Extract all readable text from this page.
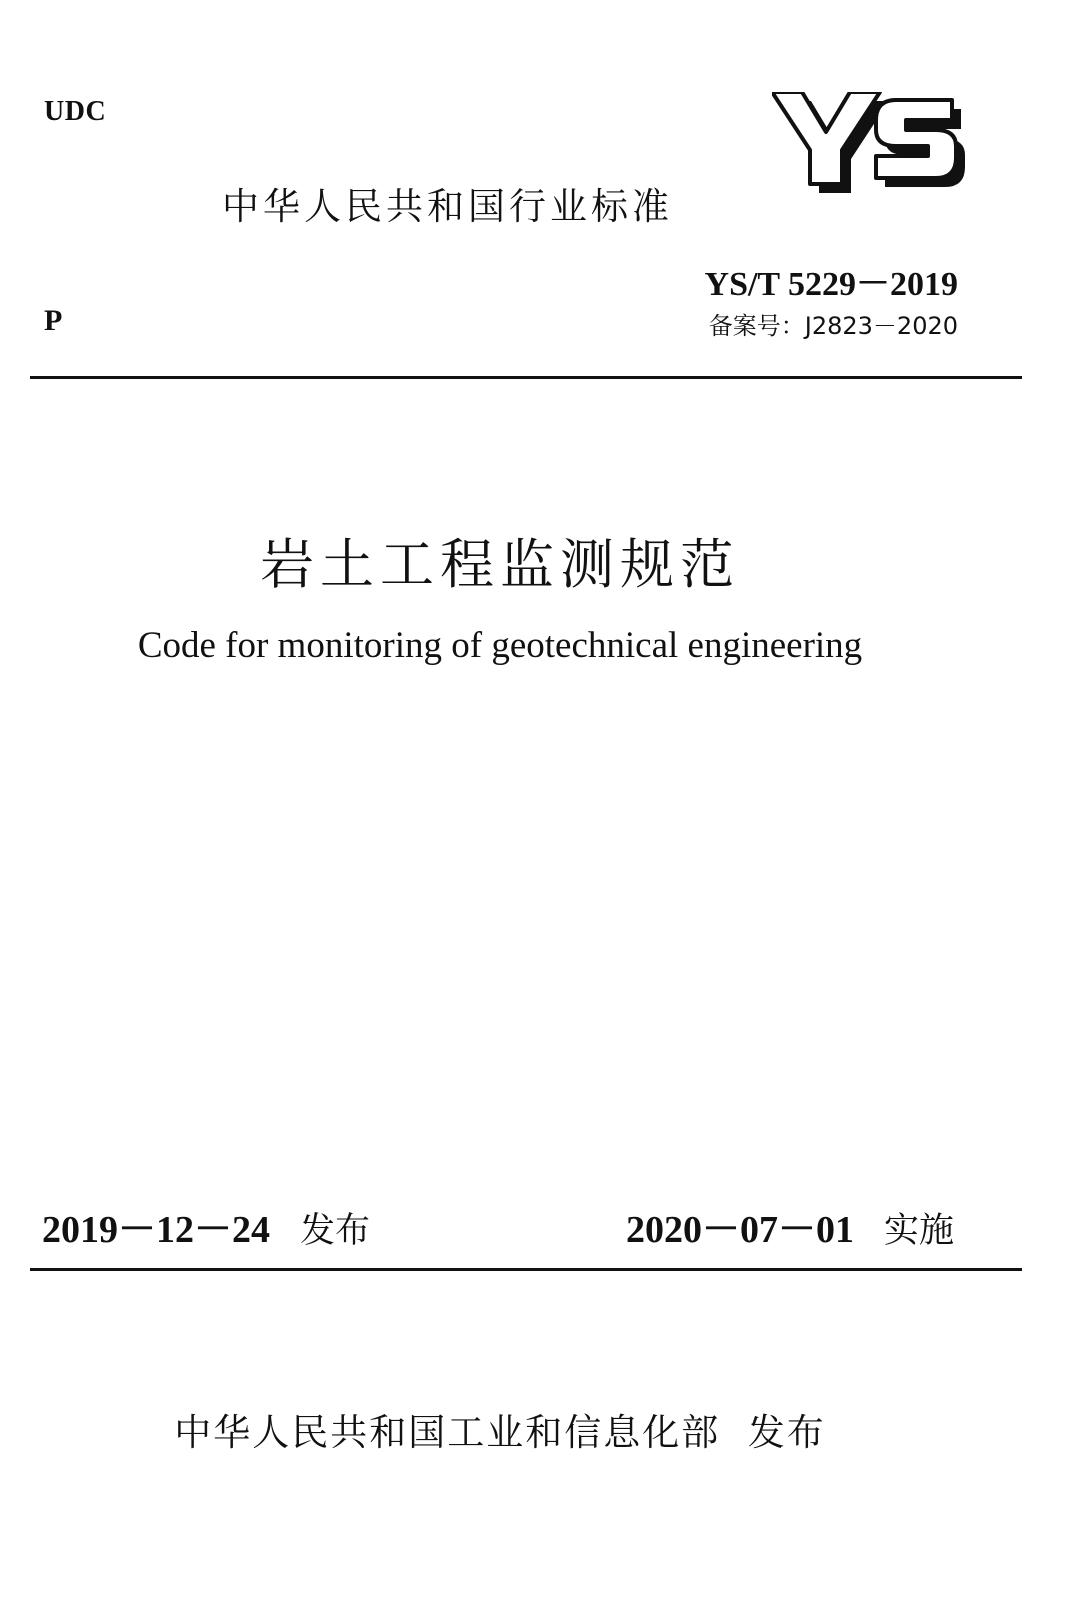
UDC
中华人民共和国行业标准
YS/T 5229－2019
备案号：J2823－2020
P
岩土工程监测规范
Code for monitoring of geotechnical engineering
2019－12－24 发布	2020－07－01 实施
中华人民共和国工业和信息化部  发布
